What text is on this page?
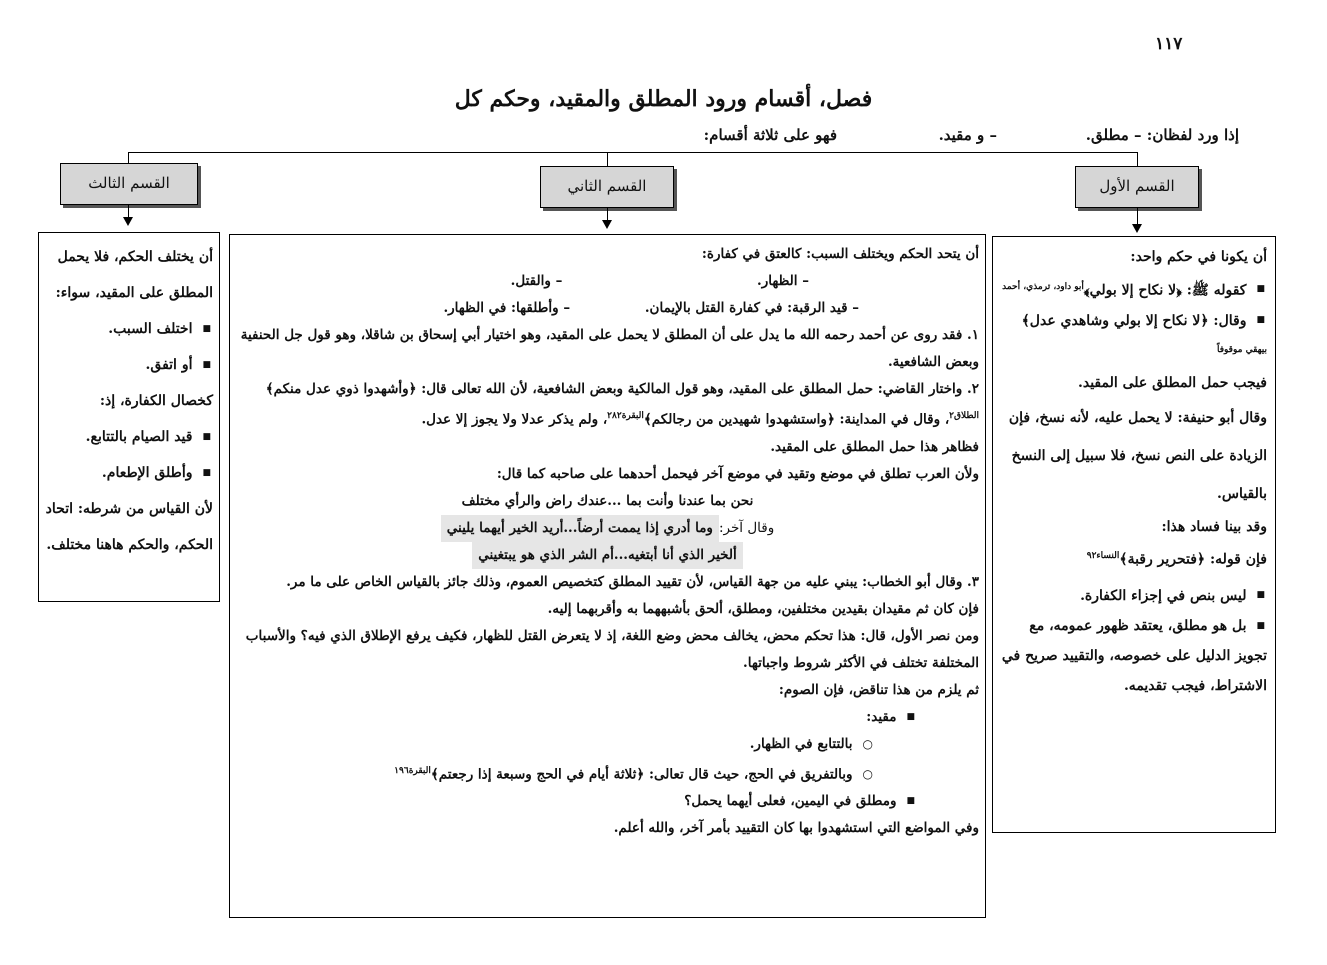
١١٧
فصل، أقسام ورود المطلق والمقيد، وحكم كل
إذا ورد لفظان: – مطلق.
– و مقيد.
فهو على ثلاثة أقسام:
القسم الأول
القسم الثاني
القسم الثالث

أن يكونا في حكم واحد:

■ كقوله ﷺ: ﴿لا نكاح إلا بولي﴾$^{أبو داود، ترمذي، أحمد}$

■ وقال: ﴿لا نكاح إلا بولي وشاهدي عدل﴾$^{بيهقي موقوفاً}$

فيجب حمل المطلق على المقيد.

وقال أبو حنيفة: لا يحمل عليه، لأنه نسخ، فإن الزيادة على النص نسخ، فلا سبيل إلى النسخ بالقياس.

وقد بينا فساد هذا:

فإن قوله: ﴿فتحرير رقبة﴾$^{النساء٩٢}$

■ ليس بنص في إجزاء الكفارة.

■ بل هو مطلق، يعتقد ظهور عمومه، مع تجويز الدليل على خصوصه، والتقييد صريح في الاشتراط، فيجب تقديمه.

أن يتحد الحكم ويختلف السبب: كالعتق في كفارة:

– الظهار. – والقتل.

– قيد الرقبة: في كفارة القتل بالإيمان. – وأطلقها: في الظهار.

١. فقد روى عن أحمد رحمه الله ما يدل على أن المطلق لا يحمل على المقيد، وهو اختيار أبي إسحاق بن شاقلا، وهو قول جل الحنفية وبعض الشافعية.

٢. واختار القاضي: حمل المطلق على المقيد، وهو قول المالكية وبعض الشافعية، لأن الله تعالى قال: ﴿وأشهدوا ذوي عدل منكم﴾$^{الطلاق٢}$، وقال في المداينة: ﴿واستشهدوا شهيدين من رجالكم﴾$^{البقرة٢٨٢}$، ولم يذكر عدلا ولا يجوز إلا عدل.

فظاهر هذا حمل المطلق على المقيد.

ولأن العرب تطلق في موضع وتقيد في موضع آخر فيحمل أحدهما على صاحبه كما قال:

نحن بما عندنا وأنت بما ...عندك راض والرأي مختلف

وقال آخر:وما أدري إذا يممت أرضاً...أريد الخير أيهما يليني

ألخير الذي أنا أبتغيه...أم الشر الذي هو يبتغيني

٣. وقال أبو الخطاب: يبني عليه من جهة القياس، لأن تقييد المطلق كتخصيص العموم، وذلك جائز بالقياس الخاص على ما مر.

فإن كان ثم مقيدان بقيدين مختلفين، ومطلق، ألحق بأشبههما به وأقربهما إليه.

ومن نصر الأول، قال: هذا تحكم محض، يخالف محض وضع اللغة، إذ لا يتعرض القتل للظهار، فكيف يرفع الإطلاق الذي فيه؟ والأسباب المختلفة تختلف في الأكثر شروط واجباتها.

ثم يلزم من هذا تناقض، فإن الصوم:

■ مقيد:

○ بالتتابع في الظهار.

○ وبالتفريق في الحج، حيث قال تعالى: ﴿ثلاثة أيام في الحج وسبعة إذا رجعتم﴾$^{البقرة١٩٦}$

■ ومطلق في اليمين، فعلى أيهما يحمل؟

وفي المواضع التي استشهدوا بها كان التقييد بأمر آخر، والله أعلم.

أن يختلف الحكم، فلا يحمل المطلق على المقيد، سواء:

■ اختلف السبب.

■ أو اتفق.

كخصال الكفارة، إذ:

■ قيد الصيام بالتتابع.

■ وأطلق الإطعام.

لأن القياس من شرطه: اتحاد الحكم، والحكم هاهنا مختلف.
